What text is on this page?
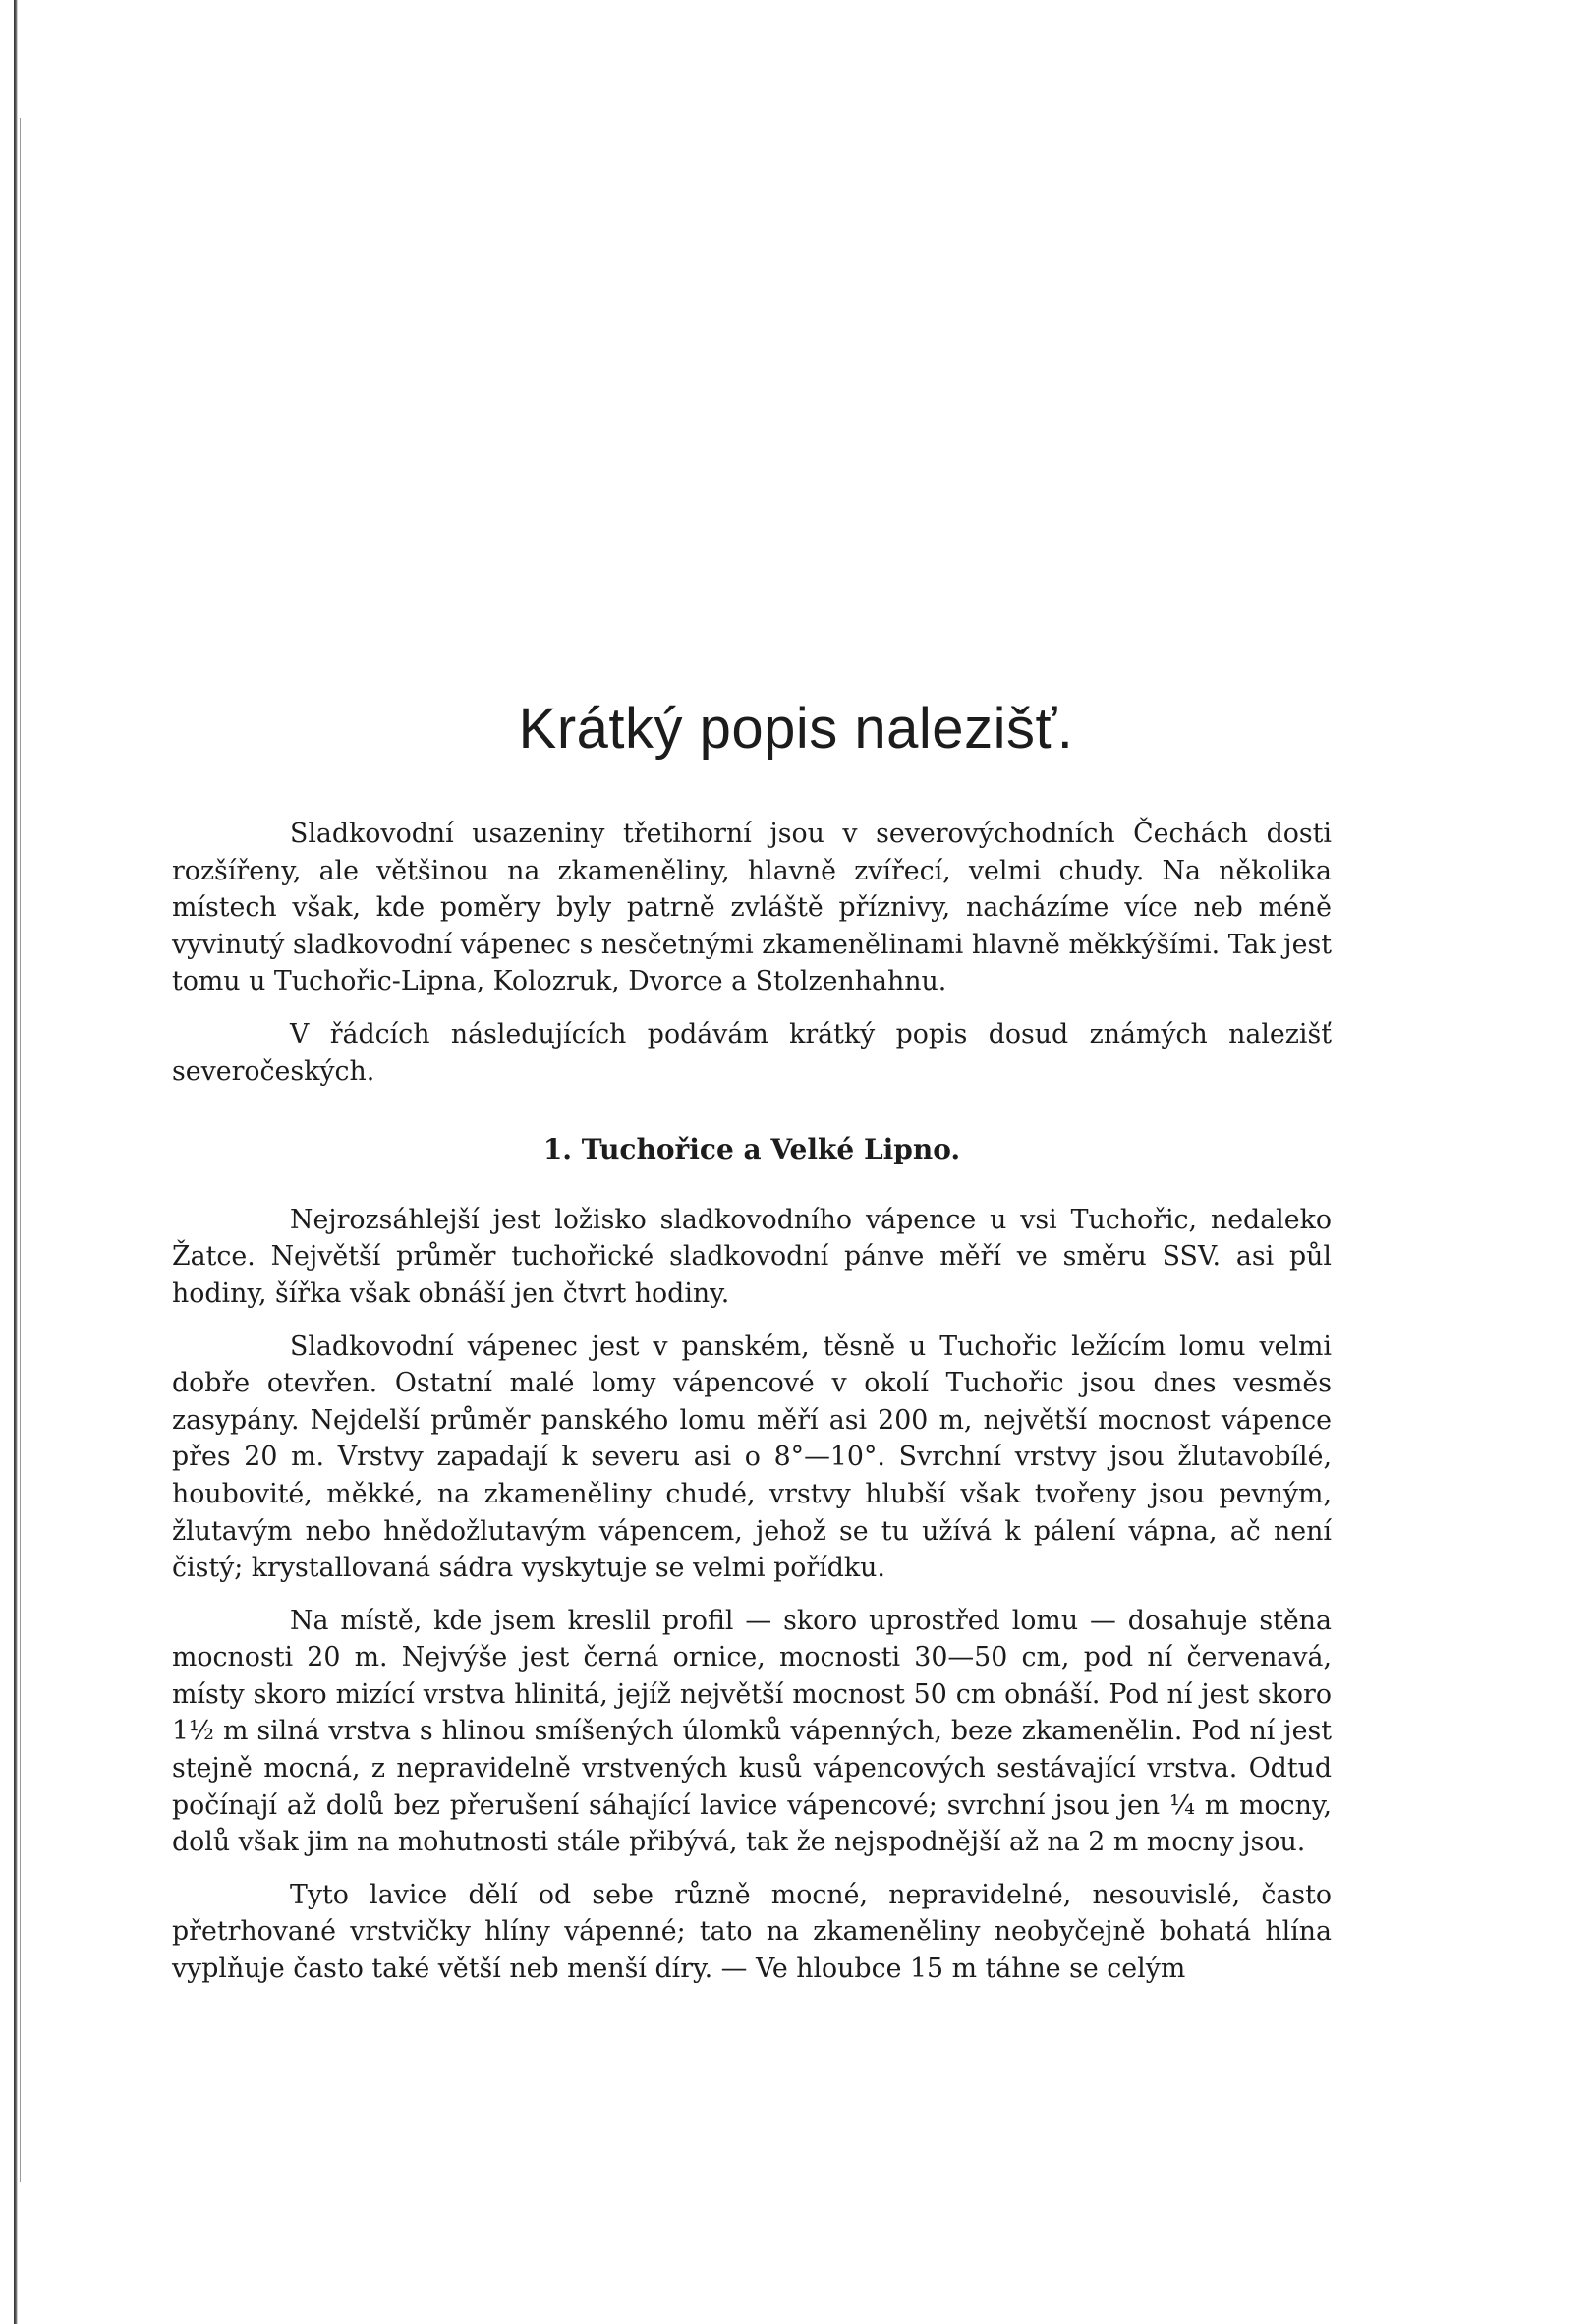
Krátký popis nalezišť.

Sladkovodní usazeniny třetihorní jsou v severovýchodních Čechách dosti rozšířeny, ale většinou na zkameněliny, hlavně zvířecí, velmi chudy. Na několika místech však, kde poměry byly patrně zvláště příznivy, nacházíme více neb méně vyvinutý sladkovodní vápenec s nesčetnými zkamenělinami hlavně měkkýšími. Tak jest tomu u Tuchořic-Lipna, Kolozruk, Dvorce a Stolzenhahnu.

V řádcích následujících podávám krátký popis dosud známých nalezišť severočeských.

1. Tuchořice a Velké Lipno.

Nejrozsáhlejší jest ložisko sladkovodního vápence u vsi Tuchořic, nedaleko Žatce. Největší průměr tuchořické sladkovodní pánve měří ve směru SSV. asi půl hodiny, šířka však obnáší jen čtvrt hodiny.

Sladkovodní vápenec jest v panském, těsně u Tuchořic ležícím lomu velmi dobře otevřen. Ostatní malé lomy vápencové v okolí Tuchořic jsou dnes vesměs zasypány. Nejdelší průměr panského lomu měří asi 200 m, největší mocnost vápence přes 20 m. Vrstvy zapadají k severu asi o 8°—10°. Svrchní vrstvy jsou žlutavobílé, houbovité, měkké, na zkameněliny chudé, vrstvy hlubší však tvořeny jsou pevným, žlutavým nebo hnědožlutavým vápencem, jehož se tu užívá k pálení vápna, ač není čistý; krystallovaná sádra vyskytuje se velmi pořídku.

Na místě, kde jsem kreslil profil — skoro uprostřed lomu — dosahuje stěna mocnosti 20 m. Nejvýše jest černá ornice, mocnosti 30—50 cm, pod ní červenavá, místy skoro mizící vrstva hlinitá, jejíž největší mocnost 50 cm obnáší. Pod ní jest skoro 1½ m silná vrstva s hlinou smíšených úlomků vápenných, beze zkamenělin. Pod ní jest stejně mocná, z nepravidelně vrstvených kusů vápencových sestávající vrstva. Odtud počínají až dolů bez přerušení sáhající lavice vápencové; svrchní jsou jen ¼ m mocny, dolů však jim na mohutnosti stále přibývá, tak že nejspodnější až na 2 m mocny jsou.

Tyto lavice dělí od sebe různě mocné, nepravidelné, nesouvislé, často přetrhované vrstvičky hlíny vápenné; tato na zkameněliny neobyčejně bohatá hlína vyplňuje často také větší neb menší díry. — Ve hloubce 15 m táhne se celým
